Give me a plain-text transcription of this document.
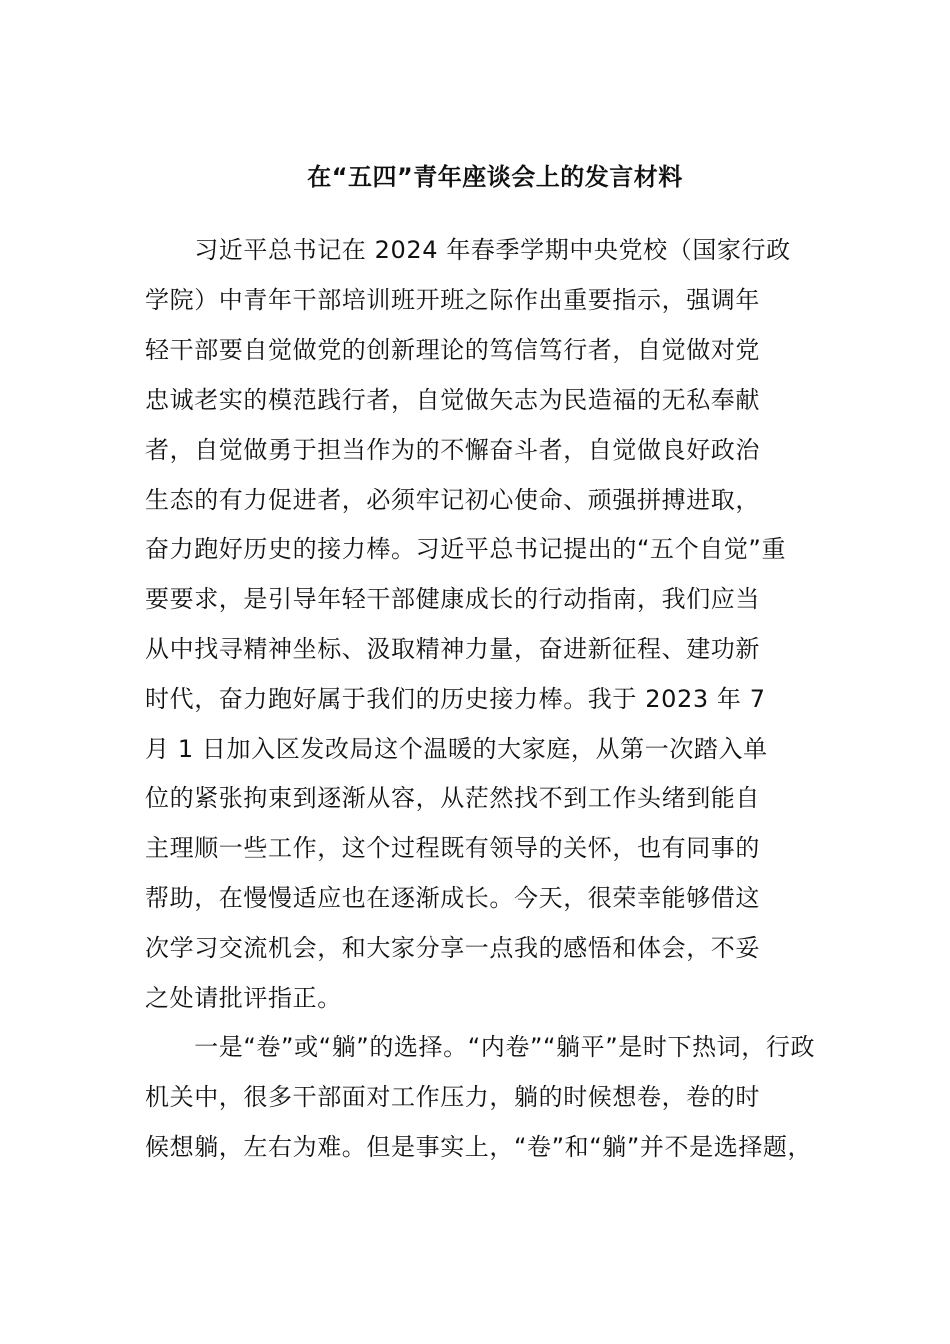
在“五四”青年座谈会上的发言材料
　　习近平总书记在 2024 年春季学期中央党校（国家行政
学院）中青年干部培训班开班之际作出重要指示，强调年
轻干部要自觉做党的创新理论的笃信笃行者，自觉做对党
忠诚老实的模范践行者，自觉做矢志为民造福的无私奉献
者，自觉做勇于担当作为的不懈奋斗者，自觉做良好政治
生态的有力促进者，必须牢记初心使命、顽强拼搏进取，
奋力跑好历史的接力棒。习近平总书记提出的“五个自觉”重
要要求，是引导年轻干部健康成长的行动指南，我们应当
从中找寻精神坐标、汲取精神力量，奋进新征程、建功新
时代，奋力跑好属于我们的历史接力棒。我于 2023 年 7
月 1 日加入区发改局这个温暖的大家庭，从第一次踏入单
位的紧张拘束到逐渐从容，从茫然找不到工作头绪到能自
主理顺一些工作，这个过程既有领导的关怀，也有同事的
帮助，在慢慢适应也在逐渐成长。今天，很荣幸能够借这
次学习交流机会，和大家分享一点我的感悟和体会，不妥
之处请批评指正。
　　一是“卷”或“躺”的选择。“内卷”“躺平”是时下热词，行政
机关中，很多干部面对工作压力，躺的时候想卷，卷的时
候想躺，左右为难。但是事实上，“卷”和“躺”并不是选择题，
